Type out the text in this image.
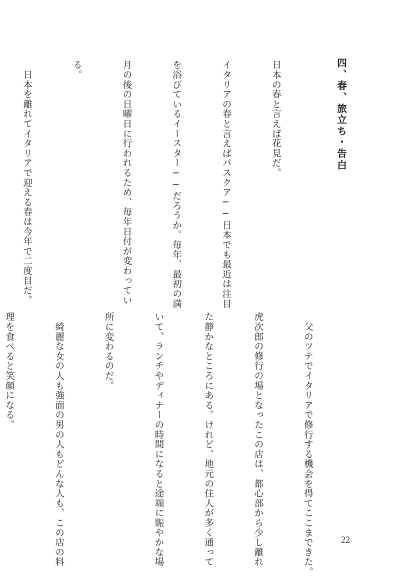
四、春、旅立ち・告白

日本の春と言えば花見だ。

イタリアの春と言えばパスクア──日本でも最近は注目

を浴びているイースター──だろうか。毎年、最初の満

月の後の日曜日に行われるため、毎年日付が変わってい

る。

　日本を離れてイタリアで迎える春は今年で二度目だ。

　父のツテでイタリアで修行する機会を得てここまできた。

虎次郎の修行の場となったこの店は、都心部から少し離れ

た静かなところにある。けれど、地元の住人が多く通って

いて、ランチやディナーの時間になると途端に賑やかな場

所に変わるのだ。

　綺麗な女の人も強面の男の人もどんな人も、この店の料

理を食べると笑顔になる。

22
